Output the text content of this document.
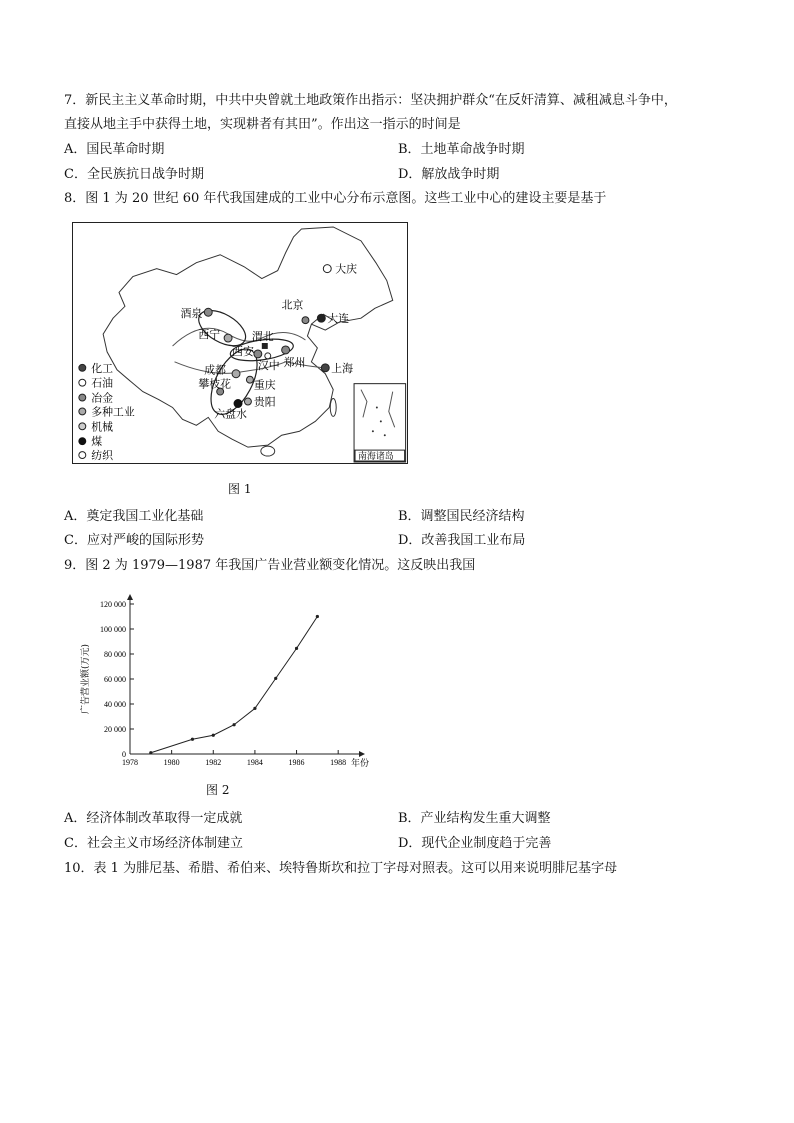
7．新民主主义革命时期，中共中央曾就土地政策作出指示：坚决拥护群众“在反奸清算、减租减息斗争中，
直接从地主手中获得土地，实现耕者有其田”。作出这一指示的时间是
A．国民革命时期	B．土地革命战争时期
C．全民族抗日战争时期	D．解放战争时期
8．图 1 为 20 世纪 60 年代我国建成的工业中心分布示意图。这些工业中心的建设主要是基于
大庆
北京
大连
酒泉
西宁	渭北
西安
汉中 郑州
成都	上海
攀枝花 重庆
贵阳
六盘水
化工
石油
冶金
多种工业
机械
煤
纺织	南海诸岛
图 1
A．奠定我国工业化基础	B．调整国民经济结构
C．应对严峻的国际形势	D．改善我国工业布局
9．图 2 为 1979—1987 年我国广告业营业额变化情况。这反映出我国
0
20 000
40 000
60 000
80 000
100 000
120 000
1978	1980	1982	1984	1986	1988 年份
广告营业额(万元)
图 2
A．经济体制改革取得一定成就	B．产业结构发生重大调整
C．社会主义市场经济体制建立	D．现代企业制度趋于完善
10．表 1 为腓尼基、希腊、希伯来、埃特鲁斯坎和拉丁字母对照表。这可以用来说明腓尼基字母
